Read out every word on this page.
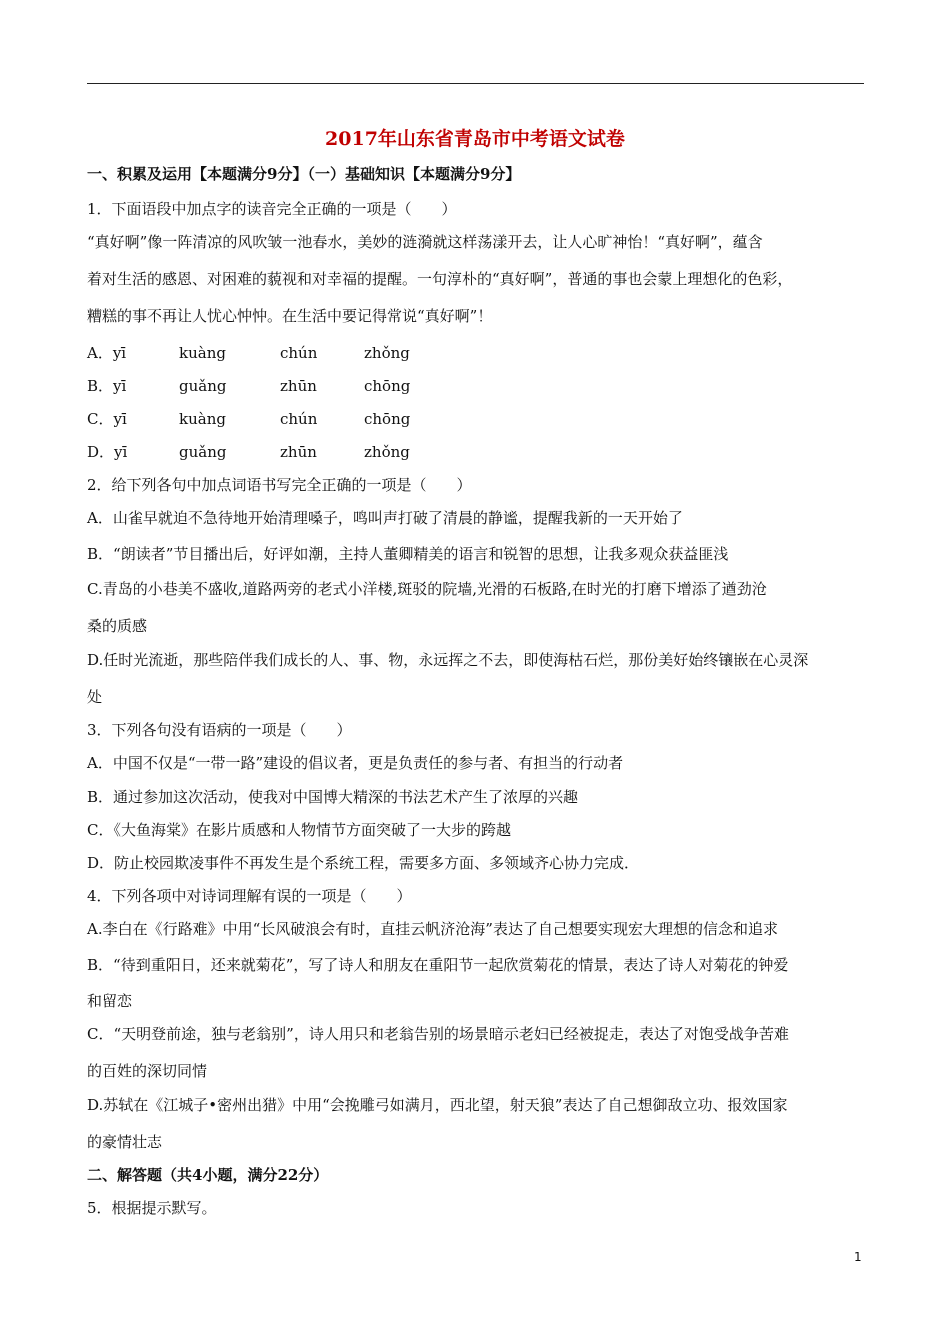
2017年山东省青岛市中考语文试卷
一、积累及运用【本题满分9分】（一）基础知识【本题满分9分】
1．下面语段中加点字的读音完全正确的一项是（　　）
“真好啊”像一阵清凉的风吹皱一池春水，美妙的涟漪就这样荡漾开去，让人心旷神怡！“真好啊”，蕴含
着对生活的感恩、对困难的藐视和对幸福的提醒。一句淳朴的“真好啊”，普通的事也会蒙上理想化的色彩，
糟糕的事不再让人忧心忡忡。在生活中要记得常说“真好啊”！
A．yī	kuàng	chún	zhǒng
B．yī	guǎng	zhūn	chōng
C．yī	kuàng	chún	chōng
D．yī	guǎng	zhūn	zhǒng
2．给下列各句中加点词语书写完全正确的一项是（　　）
A．山雀早就迫不急待地开始清理嗓子，鸣叫声打破了清晨的静谧，提醒我新的一天开始了
B．“朗读者”节目播出后，好评如潮，主持人董卿精美的语言和锐智的思想，让我多观众获益匪浅
C.青岛的小巷美不盛收,道路两旁的老式小洋楼,斑驳的院墙,光滑的石板路,在时光的打磨下增添了遒劲沧
桑的质感
D.任时光流逝，那些陪伴我们成长的人、事、物，永远挥之不去，即使海枯石烂，那份美好始终镶嵌在心灵深
处
3．下列各句没有语病的一项是（　　）
A．中国不仅是“一带一路”建设的倡议者，更是负责任的参与者、有担当的行动者
B．通过参加这次活动，使我对中国博大精深的书法艺术产生了浓厚的兴趣
C．《大鱼海棠》在影片质感和人物情节方面突破了一大步的跨越
D．防止校园欺凌事件不再发生是个系统工程，需要多方面、多领域齐心协力完成．
4．下列各项中对诗词理解有误的一项是（　　）
A.李白在《行路难》中用“长风破浪会有时，直挂云帆济沧海”表达了自己想要实现宏大理想的信念和追求
B．“待到重阳日，还来就菊花”，写了诗人和朋友在重阳节一起欣赏菊花的情景，表达了诗人对菊花的钟爱
和留恋
C．“天明登前途，独与老翁别”，诗人用只和老翁告别的场景暗示老妇已经被捉走，表达了对饱受战争苦难
的百姓的深切同情
D.苏轼在《江城子•密州出猎》中用“会挽雕弓如满月，西北望，射天狼”表达了自己想御敌立功、报效国家
的豪情壮志
二、解答题（共4小题，满分22分）
5．根据提示默写。
1
